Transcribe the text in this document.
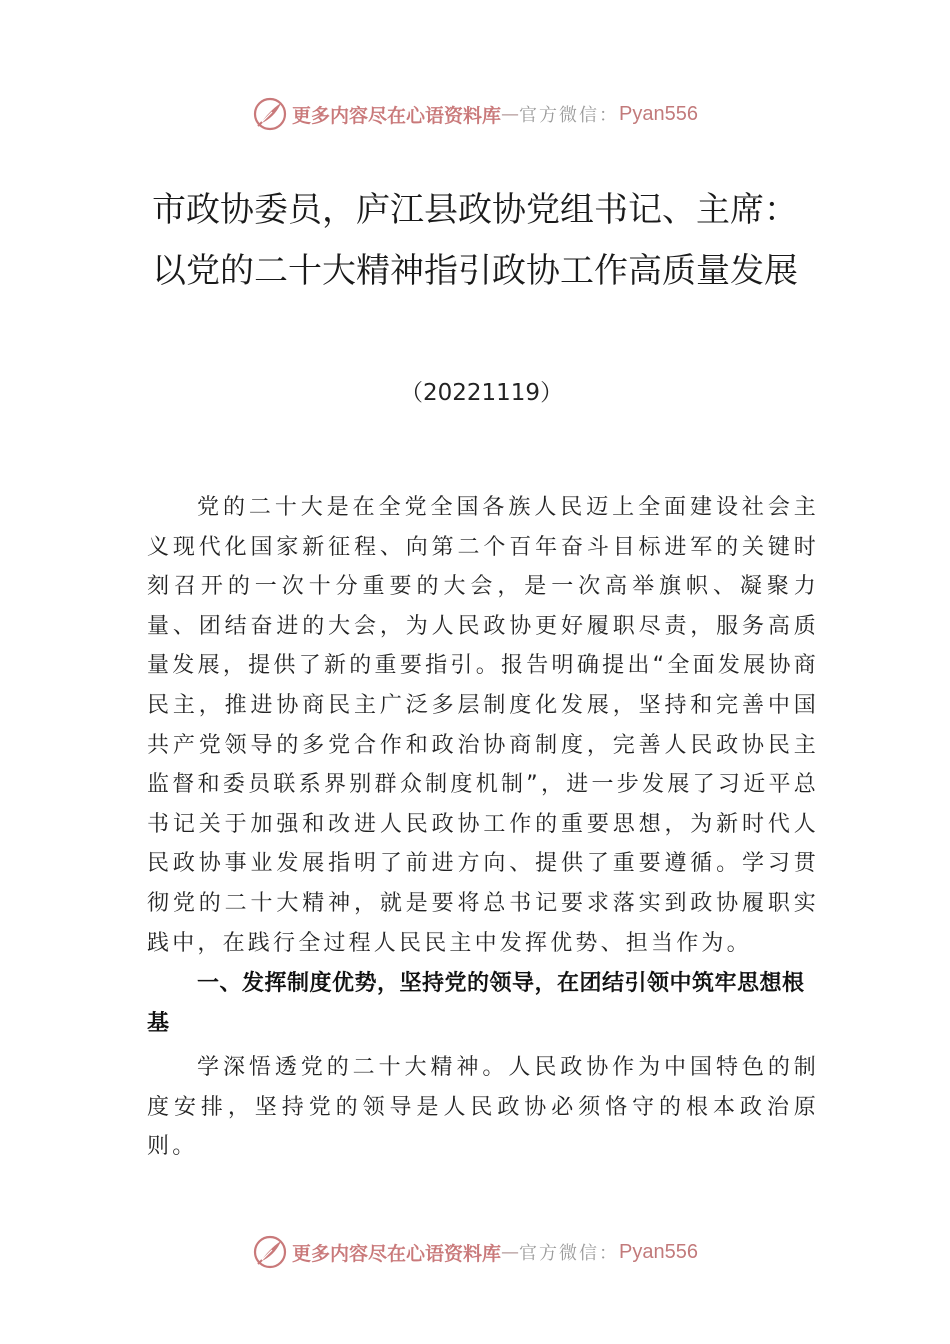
更多内容尽在心语资料库 — 官方微信： Pyan556
市政协委员，庐江县政协党组书记、主席：以党的二十大精神指引政协工作高质量发展
（20221119）

党的二十大是在全党全国各族人民迈上全面建设社会主义现代化国家新征程、向第二个百年奋斗目标进军的关键时刻召开的一次十分重要的大会，是一次高举旗帜、凝聚力量、团结奋进的大会，为人民政协更好履职尽责，服务高质量发展，提供了新的重要指引。报告明确提出“全面发展协商民主，推进协商民主广泛多层制度化发展，坚持和完善中国共产党领导的多党合作和政治协商制度，完善人民政协民主监督和委员联系界别群众制度机制”，进一步发展了习近平总书记关于加强和改进人民政协工作的重要思想，为新时代人民政协事业发展指明了前进方向、提供了重要遵循。学习贯彻党的二十大精神，就是要将总书记要求落实到政协履职实践中，在践行全过程人民民主中发挥优势、担当作为。

一、发挥制度优势，坚持党的领导，在团结引领中筑牢思想根基

学深悟透党的二十大精神。人民政协作为中国特色的制度安排，坚持党的领导是人民政协必须恪守的根本政治原则。

更多内容尽在心语资料库 — 官方微信： Pyan556
